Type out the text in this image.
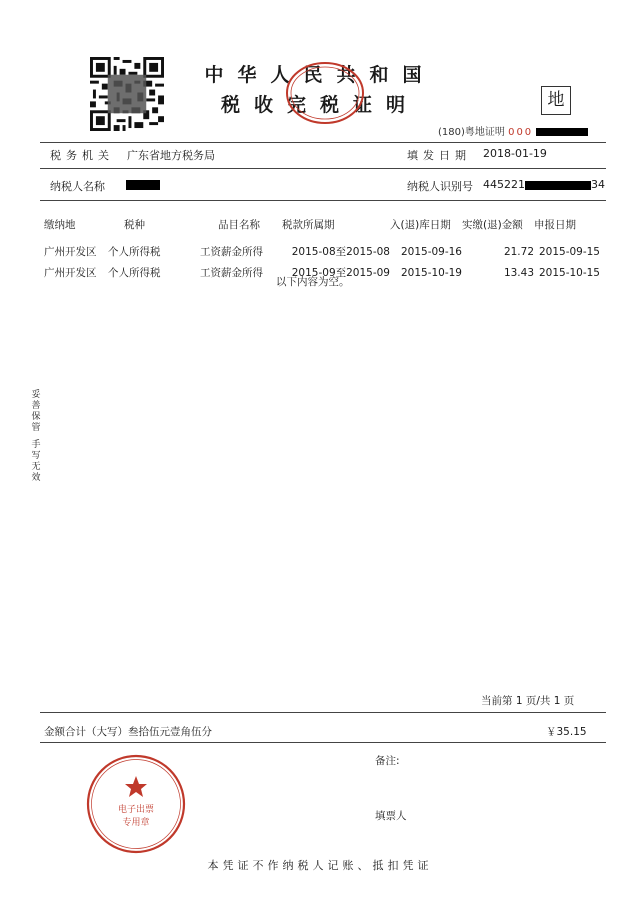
中华人民共和国
税收完税证明	地
(180)粤地证明 000
税务机关 广东省地方税务局	填发日期 2018-01-19
纳税人名称	纳税人识别号 445221	34
缴纳地	税种	品目名称	税款所属期	入(退)库日期	实缴(退)金额	申报日期
广州开发区	个人所得税	工资薪金所得	2015-08至2015-08	2015-09-16	21.72	2015-09-15
广州开发区	个人所得税	工资薪金所得	2015-09至2015-09	2015-10-19	13.43	2015-10-15
以下内容为空。
妥善保管
手写无效
当前第 1 页/共 1 页
金额合计（大写）叁拾伍元壹角伍分	￥35.15
备注:
填票人
电子出票
专用章
本凭证不作纳税人记账、抵扣凭证
